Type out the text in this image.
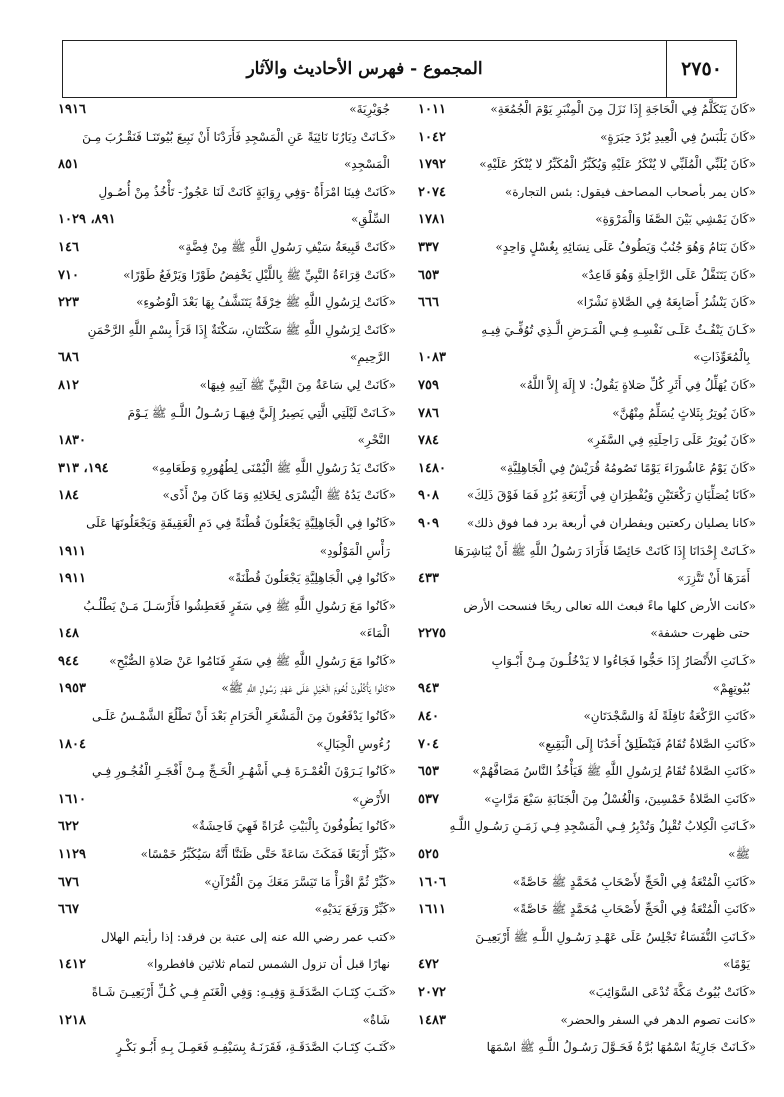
٢٧٥٠
المجموع - فهرس الأحاديث والآثار
«كَانَ يَتَكَلَّمُ فِي الْحَاجَةِ إِذَا نَزَلَ مِنَ الْمِنْبَرِ يَوْمَ الْجُمُعَةِ»
١٠١١
«كَانَ يَلْبَسُ فِي الْعِيدِ بُرْدَ حِبَرَةٍ»
١٠٤٢
«كَانَ يُلَبِّي الْمُلَبِّي لا يُنْكَرُ عَلَيْهِ وَيُكَبِّرُ الْمُكَبِّرُ لا يُنْكَرُ عَلَيْهِ»
١٧٩٢
«كان يمر بأصحاب المصاحف فيقول: بئس التجارة»
٢٠٧٤
«كَانَ يَمْشِي بَيْنَ الصَّفَا وَالْمَرْوَةِ»
١٧٨١
«كَانَ يَنَامُ وَهُوَ جُنُبٌ وَيَطُوفُ عَلَى نِسَائِهِ بِغُسْلٍ وَاحِدٍ»
٣٣٧
«كَانَ يَتَنَفَّلُ عَلَى الرَّاحِلَةِ وَهُوَ قَاعِدٌ»
٦٥٣
«كَانَ يَنْشُرُ أَصَابِعَهُ فِي الصَّلاةِ نَشْرًا»
٦٦٦
«كَـانَ يَنْفُـثُ عَلَـى نَفْسِـهِ فِـي الْمَـرَضِ الَّـذِي تُوُفِّـيَ فِيـهِ
بِالْمُعَوِّذَاتِ»
١٠٨٣
«كَانَ يُهَلِّلُ فِي أَثَرِ كُلِّ صَلاةٍ يَقُولُ: لا إِلَهَ إِلاَّ اللَّهُ»
٧٥٩
«كَانَ يُوتِرُ بِثَلاثٍ يُسَلِّمُ مِنْهُنَّ»
٧٨٦
«كَانَ يُوتِرُ عَلَى رَاحِلَتِهِ فِي السَّفَرِ»
٧٨٤
«كَانَ يَوْمُ عَاشُورَاءَ يَوْمًا تَصُومُهُ قُرَيْشٌ فِي الْجَاهِلِيَّةِ»
١٤٨٠
«كَانَا يُصَلِّيَانِ رَكْعَتَيْنِ وَيُفْطِرَانِ فِي أَرْبَعَةِ بُرُدٍ فَمَا فَوْقَ ذَلِكَ»
٩٠٨
«كانا يصليان ركعتين ويفطران في أربعة برد فما فوق ذلك»
٩٠٩
«كَـانَتْ إِحْدَانَا إِذَا كَانَتْ حَائِضًا فَأَرَادَ رَسُولُ اللَّهِ ﷺ أَنْ يُبَاشِرَهَا
أَمَرَهَا أَنْ تَتَّزِرَ»
٤٣٣
«كانت الأرض كلها ماءً فبعث الله تعالى ريحًا فنسحت الأرض
حتى ظهرت حشفة»
٢٢٧٥
«كَـانَتِ الأَنْصَارُ إِذَا حَجُّوا فَجَاءُوا لا يَدْخُلُـونَ مِـنْ أَبْـوَابِ
بُيُوتِهِمْ»
٩٤٣
«كَانَتِ الرَّكْعَةُ نَافِلَةً لَهُ وَالسَّجْدَتَانِ»
٨٤٠
«كَانَتِ الصَّلاةُ تُقَامُ فَيَنْطَلِقُ أَحَدُنَا إِلَى الْبَقِيعِ»
٧٠٤
«كَانَتِ الصَّلاةُ تُقَامُ لِرَسُولِ اللَّهِ ﷺ فَيَأْخُذُ النَّاسُ مَصَافَّهُمْ»
٦٥٣
«كَانَتِ الصَّلاةُ خَمْسِينَ، وَالْغُسْلُ مِنَ الْجَنَابَةِ سَبْعَ مَرَّاتٍ»
٥٣٧
«كَـانَتِ الْكِلابُ تُقْبِلُ وَتُدْبِرُ فِـي الْمَسْجِدِ فِـي زَمَـنِ رَسُـولِ اللَّـهِ
ﷺ»
٥٢٥
«كَانَتِ الْمُتْعَةُ فِي الْحَجِّ لأَصْحَابِ مُحَمَّدٍ ﷺ خَاصَّةً»
١٦٠٦
«كَانَتِ الْمُتْعَةُ فِي الْحَجِّ لأَصْحَابِ مُحَمَّدٍ ﷺ خَاصَّةً»
١٦١١
«كَـانَتِ النُّفَسَاءُ تَجْلِسُ عَلَى عَهْـدِ رَسُـولِ اللَّـهِ ﷺ أَرْبَعِيـنَ
يَوْمًا»
٤٧٢
«كَانَتْ بُيُوتُ مَكَّةَ تُدْعَى السَّوَائِبَ»
٢٠٧٢
«كانت تصوم الدهر في السفر والحضر»
١٤٨٣
«كَـانَتْ جَارِيَةٌ اسْمُهَا بُرَّةُ فَحَـوَّلَ رَسُـولُ اللَّـهِ ﷺ اسْمَهَا
جُوَيْرِيَةَ»
١٩١٦
«كَـانَتْ دِيَارُنَا نَائِيَةً عَنِ الْمَسْجِدِ فَأَرَدْنَا أَنْ نَبِيعَ بُيُوتَنَـا فَنَقْـرُبَ مِـنَ
الْمَسْجِدِ»
٨٥١
«كَانَتْ فِينَا امْرَأَةٌ -وَفِي رِوَايَةٍ كَانَتْ لَنَا عَجُوزٌ- تَأْخُذُ مِنْ أُصُـولِ
السِّلْقِ»
٨٩١، ١٠٢٩
«كَانَتْ قَبِيعَةُ سَيْفِ رَسُولِ اللَّهِ ﷺ مِنْ فِضَّةٍ»
١٤٦
«كَانَتْ قِرَاءَةُ النَّبِيِّ ﷺ بِاللَّيْلِ يَخْفِضُ طَوْرًا وَيَرْفَعُ طَوْرًا»
٧١٠
«كَانَتْ لِرَسُولِ اللَّهِ ﷺ خِرْقَةٌ يَتَنَشَّفُ بِهَا بَعْدَ الْوُضُوءِ»
٢٢٣
«كَانَتْ لِرَسُولِ اللَّهِ ﷺ سَكْتَتَانِ، سَكْتَةٌ إِذَا قَرَأَ بِسْمِ اللَّهِ الرَّحْمَنِ
الرَّحِيمِ»
٦٨٦
«كَانَتْ لِي سَاعَةٌ مِنَ النَّبِيِّ ﷺ آتِيهِ فِيهَا»
٨١٢
«كَـانَتْ لَيْلَتِي الَّتِي يَصِيرُ إِلَيَّ فِيهَـا رَسُـولُ اللَّـهِ ﷺ يَـوْمَ
النَّحْرِ»
١٨٣٠
«كَانَتْ يَدُ رَسُولِ اللَّهِ ﷺ الْيُمْنَى لِطُهُورِهِ وَطَعَامِهِ»
١٩٤، ٣١٣
«كَانَتْ يَدُهُ ﷺ الْيُسْرَى لِخَلائِهِ وَمَا كَانَ مِنْ أَذًى»
١٨٤
«كَانُوا فِي الْجَاهِلِيَّةِ يَجْعَلُونَ قُطْنَةً فِي دَمِ الْعَقِيقَةِ وَيَجْعَلُونَهَا عَلَى
رَأْسِ الْمَوْلُودِ»
١٩١١
«كَانُوا فِي الْجَاهِلِيَّةِ يَجْعَلُونَ قُطْنَةً»
١٩١١
«كَانُوا مَعَ رَسُولِ اللَّهِ ﷺ فِي سَفَرٍ فَعَطِشُوا فَأَرْسَـلَ مَـنْ يَطْلُـبُ
الْمَاءَ»
١٤٨
«كَانُوا مَعَ رَسُولِ اللَّهِ ﷺ فِي سَفَرٍ فَنَامُوا عَنْ صَلاةِ الصُّبْحِ»
٩٤٤
«كَانُوا يَأْكُلُونَ لُحُومَ الْخَيْلِ عَلَى عَهْدِ رَسُولِ اللَّهِ ﷺ»
١٩٥٣
«كَانُوا يَدْفَعُونَ مِنَ الْمَشْعَرِ الْحَرَامِ بَعْدَ أَنْ تَطْلُعَ الشَّمْـسُ عَلَـى
رُءُوسِ الْجِبَالِ»
١٨٠٤
«كَانُوا يَـرَوْنَ الْعُمْـرَةَ فِـي أَشْهُـرِ الْحَـجِّ مِـنْ أَفْجَـرِ الْفُجُـورِ فِـي
الأَرْضِ»
١٦١٠
«كَانُوا يَطُوفُونَ بِالْبَيْتِ عُرَاةً فَهِيَ فَاحِشَةٌ»
٦٢٢
«كَبِّرْ أَرْبَعًا فَمَكَثَ سَاعَةً حَتَّى ظَنَنَّا أَنَّهُ سَيُكَبِّرُ خَمْسًا»
١١٢٩
«كَبِّرْ ثُمَّ اقْرَأْ مَا تَيَسَّرَ مَعَكَ مِنَ الْقُرْآنِ»
٦٧٦
«كَبِّرْ وَرَفَعَ يَدَيْهِ»
٦٦٧
«كتب عمر رضي الله عنه إلى عتبة بن فرقد: إذا رأيتم الهلال
نهارًا قبل أن تزول الشمس لتمام ثلاثين فافطروا»
١٤١٢
«كَتَـبَ كِتَـابَ الصَّدَقَـةِ وَفِيـهِ: وَفِي الْغَنَمِ فِـي كُـلِّ أَرْبَعِيـنَ شَـاةً
شَاةٌ»
١٢١٨
«كَتَـبَ كِتَـابَ الصَّدَقَـةِ، فَقَرَنَـهُ بِسَيْفِـهِ فَعَمِـلَ بِـهِ أَبُـو بَكْـرٍ
